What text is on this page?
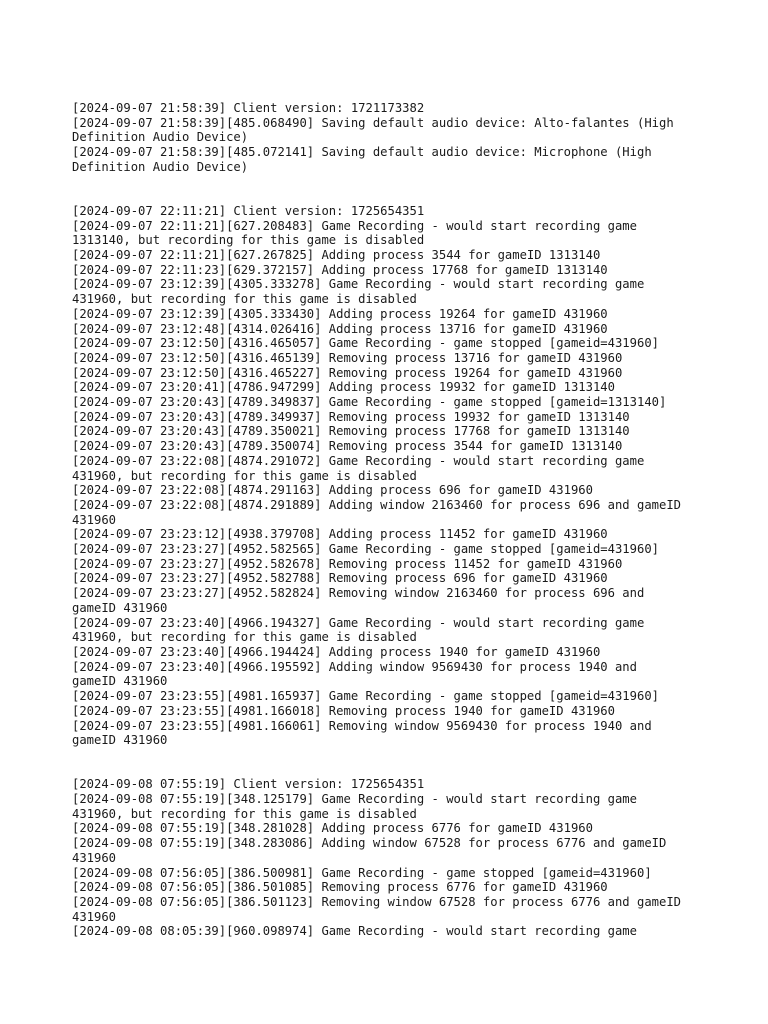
[2024-09-07 21:58:39] Client version: 1721173382

[2024-09-07 21:58:39][485.068490] Saving default audio device: Alto-falantes (High

Definition Audio Device)

[2024-09-07 21:58:39][485.072141] Saving default audio device: Microphone (High

Definition Audio Device)

[2024-09-07 22:11:21] Client version: 1725654351

[2024-09-07 22:11:21][627.208483] Game Recording - would start recording game

1313140, but recording for this game is disabled

[2024-09-07 22:11:21][627.267825] Adding process 3544 for gameID 1313140

[2024-09-07 22:11:23][629.372157] Adding process 17768 for gameID 1313140

[2024-09-07 23:12:39][4305.333278] Game Recording - would start recording game

431960, but recording for this game is disabled

[2024-09-07 23:12:39][4305.333430] Adding process 19264 for gameID 431960

[2024-09-07 23:12:48][4314.026416] Adding process 13716 for gameID 431960

[2024-09-07 23:12:50][4316.465057] Game Recording - game stopped [gameid=431960]

[2024-09-07 23:12:50][4316.465139] Removing process 13716 for gameID 431960

[2024-09-07 23:12:50][4316.465227] Removing process 19264 for gameID 431960

[2024-09-07 23:20:41][4786.947299] Adding process 19932 for gameID 1313140

[2024-09-07 23:20:43][4789.349837] Game Recording - game stopped [gameid=1313140]

[2024-09-07 23:20:43][4789.349937] Removing process 19932 for gameID 1313140

[2024-09-07 23:20:43][4789.350021] Removing process 17768 for gameID 1313140

[2024-09-07 23:20:43][4789.350074] Removing process 3544 for gameID 1313140

[2024-09-07 23:22:08][4874.291072] Game Recording - would start recording game

431960, but recording for this game is disabled

[2024-09-07 23:22:08][4874.291163] Adding process 696 for gameID 431960

[2024-09-07 23:22:08][4874.291889] Adding window 2163460 for process 696 and gameID

431960

[2024-09-07 23:23:12][4938.379708] Adding process 11452 for gameID 431960

[2024-09-07 23:23:27][4952.582565] Game Recording - game stopped [gameid=431960]

[2024-09-07 23:23:27][4952.582678] Removing process 11452 for gameID 431960

[2024-09-07 23:23:27][4952.582788] Removing process 696 for gameID 431960

[2024-09-07 23:23:27][4952.582824] Removing window 2163460 for process 696 and

gameID 431960

[2024-09-07 23:23:40][4966.194327] Game Recording - would start recording game

431960, but recording for this game is disabled

[2024-09-07 23:23:40][4966.194424] Adding process 1940 for gameID 431960

[2024-09-07 23:23:40][4966.195592] Adding window 9569430 for process 1940 and

gameID 431960

[2024-09-07 23:23:55][4981.165937] Game Recording - game stopped [gameid=431960]

[2024-09-07 23:23:55][4981.166018] Removing process 1940 for gameID 431960

[2024-09-07 23:23:55][4981.166061] Removing window 9569430 for process 1940 and

gameID 431960

[2024-09-08 07:55:19] Client version: 1725654351

[2024-09-08 07:55:19][348.125179] Game Recording - would start recording game

431960, but recording for this game is disabled

[2024-09-08 07:55:19][348.281028] Adding process 6776 for gameID 431960

[2024-09-08 07:55:19][348.283086] Adding window 67528 for process 6776 and gameID

431960

[2024-09-08 07:56:05][386.500981] Game Recording - game stopped [gameid=431960]

[2024-09-08 07:56:05][386.501085] Removing process 6776 for gameID 431960

[2024-09-08 07:56:05][386.501123] Removing window 67528 for process 6776 and gameID

431960

[2024-09-08 08:05:39][960.098974] Game Recording - would start recording game
